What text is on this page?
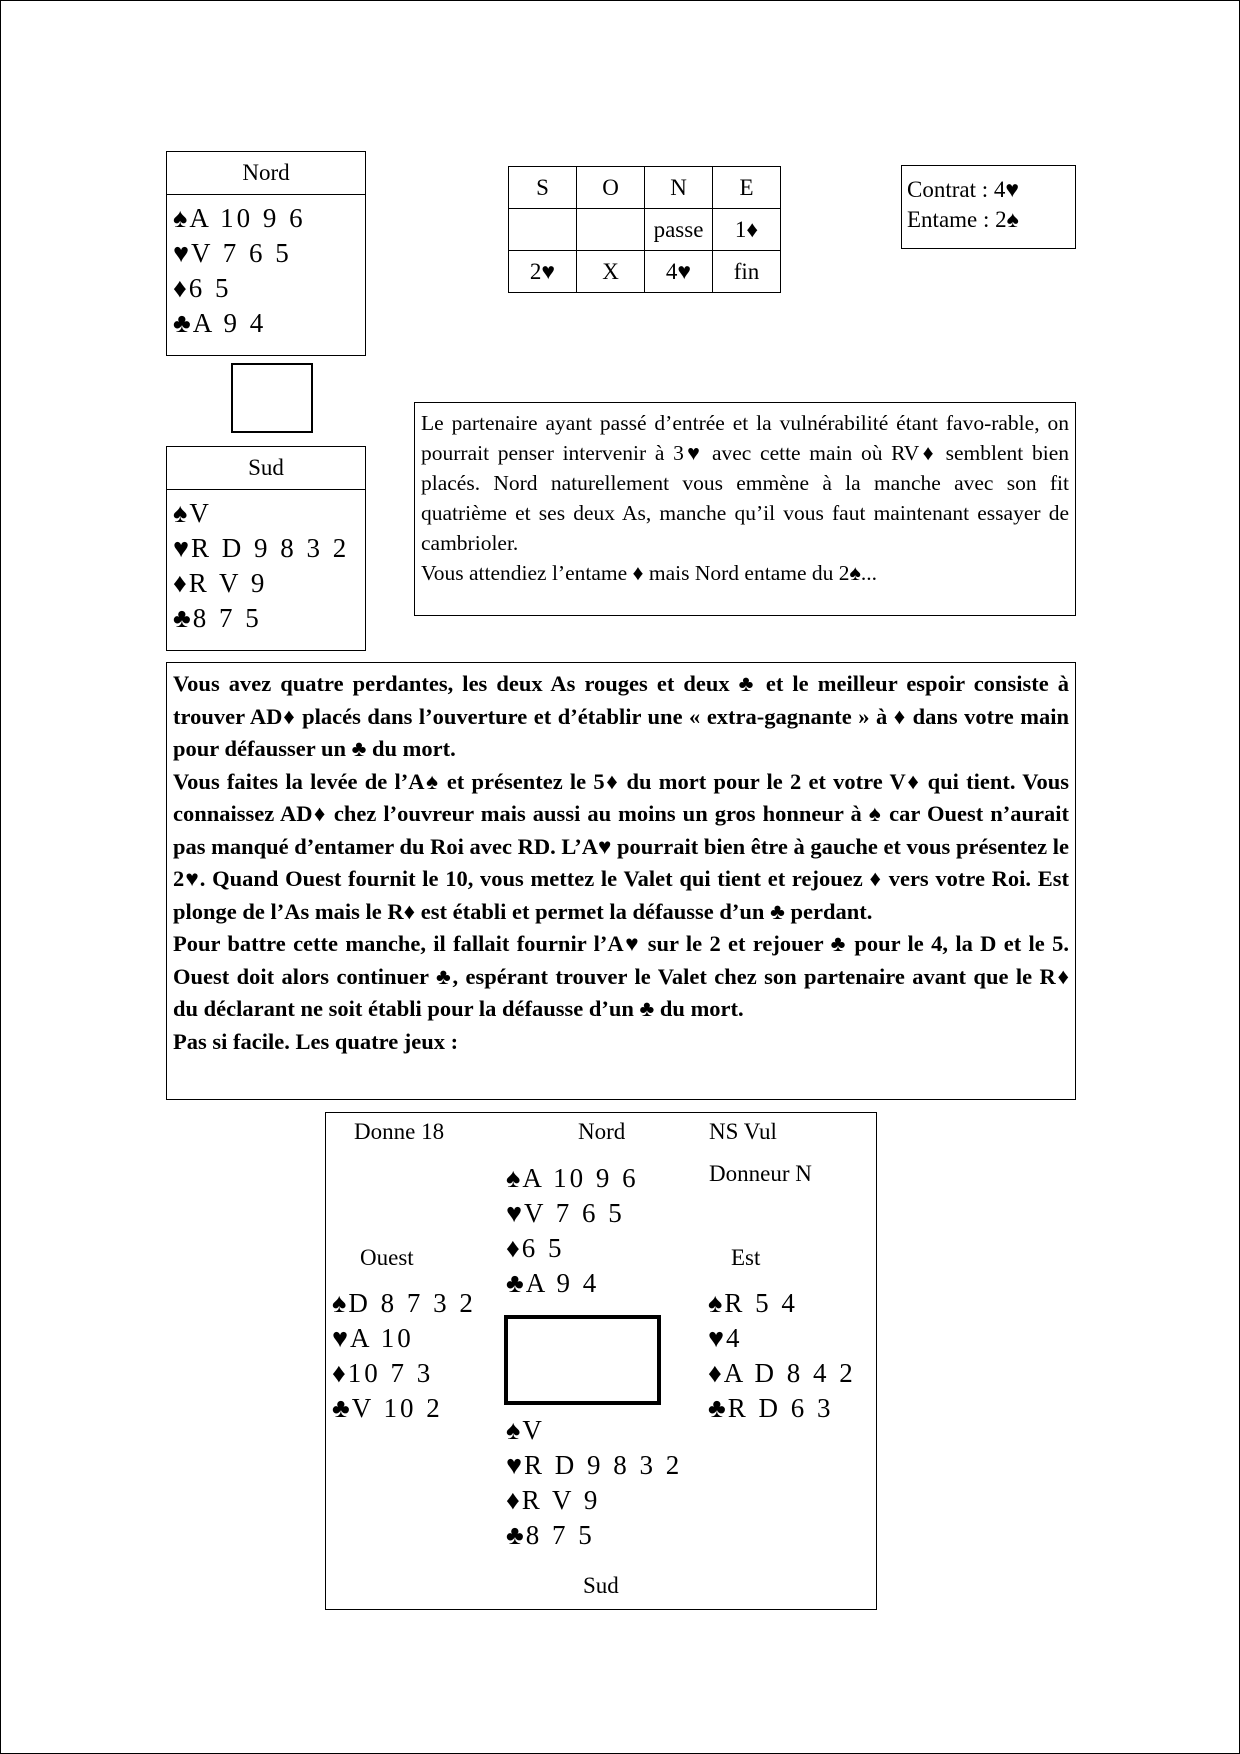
Nord
♠A 10 9 6
♥V 7 6 5
♦6 5
♣A 9 4
Sud
♠V
♥R D 9 8 3 2
♦R V 9
♣8 7 5
S	O	N	E
		passe	1♦
2♥	X	4♥	fin
Contrat : 4♥
Entame : 2♠

Le partenaire ayant passé d’entrée et la vulnérabilité étant favo-rable, on pourrait penser intervenir à 3♥ avec cette main où RV♦ semblent bien placés. Nord naturellement vous emmène à la manche avec son fit quatrième et ses deux As, manche qu’il vous faut maintenant essayer de cambrioler.

Vous attendiez l’entame ♦ mais Nord entame du 2♠...

Vous avez quatre perdantes, les deux As rouges et deux ♣ et le meilleur espoir consiste à trouver AD♦ placés dans l’ouverture et d’établir une « extra-gagnante » à ♦ dans votre main pour défausser un ♣ du mort.

Vous faites la levée de l’A♠ et présentez le 5♦ du mort pour le 2 et votre V♦ qui tient. Vous connaissez AD♦ chez l’ouvreur mais aussi au moins un gros honneur à ♠ car Ouest n’aurait pas manqué d’entamer du Roi avec RD. L’A♥ pourrait bien être à gauche et vous présentez le 2♥. Quand Ouest fournit le 10, vous mettez le Valet qui tient et rejouez ♦ vers votre Roi. Est plonge de l’As mais le R♦ est établi et permet la défausse d’un ♣ perdant.

Pour battre cette manche, il fallait fournir l’A♥ sur le 2 et rejouer ♣ pour le 4, la D et le 5. Ouest doit alors continuer ♣, espérant trouver le Valet chez son partenaire avant que le R♦ du déclarant ne soit établi pour la défausse d’un ♣ du mort.

Pas si facile. Les quatre jeux :

Donne 18	Nord	NS Vul
Donneur N
Ouest	Est
Sud
♠A 10 9 6
♥V 7 6 5
♦6 5
♣A 9 4
♠D 8 7 3 2
♥A 10
♦10 7 3
♣V 10 2
♠R 5 4
♥4
♦A D 8 4 2
♣R D 6 3
♠V
♥R D 9 8 3 2
♦R V 9
♣8 7 5
